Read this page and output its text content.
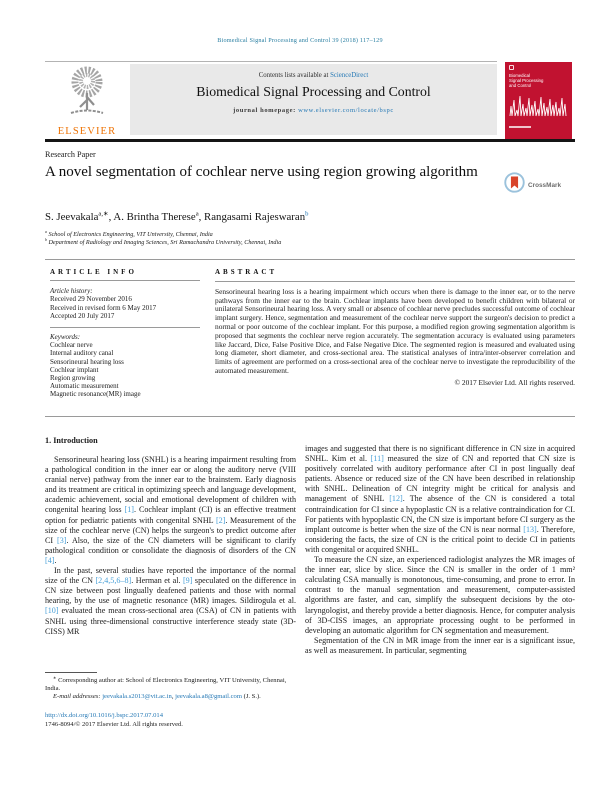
Biomedical Signal Processing and Control 39 (2018) 117–129
ELSEVIER
Contents lists available at ScienceDirect
Biomedical Signal Processing and Control
journal homepage: www.elsevier.com/locate/bspc
Biomedical
Signal Processing
and Control
Research Paper
A novel segmentation of cochlear nerve using region growing algorithm
CrossMark
S. Jeevakala$^{a,∗}$, A. Brintha Therese$^a$, Rangasami Rajeswaran$^b$
$^a$ School of Electronics Engineering, VIT University, Chennai, India
$^b$ Department of Radiology and Imaging Sciences, Sri Ramachandra University, Chennai, India
ARTICLE INFO
Article history:
Received 29 November 2016
Received in revised form 6 May 2017
Accepted 20 July 2017
Keywords:
Cochlear nerve
Internal auditory canal
Sensorineural hearing loss
Cochlear implant
Region growing
Automatic measurement
Magnetic resonance(MR) image
ABSTRACT
Sensorineural hearing loss is a hearing impairment which occurs when there is damage to the inner ear, or to the nerve pathways from the inner ear to the brain. Cochlear implants have been developed to benefit children with bilateral or unilateral Sensorineural hearing loss. A very small or absence of cochlear nerve precludes successful outcome of cochlear implant surgery. Hence, segmentation and measurement of the cochlear nerve support the surgeon's decision to predict a normal or poor outcome of the cochlear implant. For this purpose, a modified region growing segmentation algorithm is proposed that segments the cochlear nerve region accurately. The segmentation accuracy is evaluated using parameters like Jaccard, Dice, False Positive Dice, and False Negative Dice. The segmented region is measured and evaluated using long diameter, short diameter, and cross-sectional area. The statistical analyses of intra/inter-observer correlation and limits of agreement are performed on a cross-sectional area of the cochlear nerve to investigate the reproducibility of the automated measurement.
© 2017 Elsevier Ltd. All rights reserved.
1. Introduction

Sensorineural hearing loss (SNHL) is a hearing impairment resulting from a pathological condition in the inner ear or along the auditory nerve (VIII cranial nerve) pathway from the inner ear to the brainstem. Early diagnosis and its treatment are critical in optimizing speech and language development, academic achievement, social and emotional development of children with congenital hearing loss [1]. Cochlear implant (CI) is an effective treatment option for pediatric patients with congenital SNHL [2]. Measurement of the size of the cochlear nerve (CN) helps the surgeon's to predict outcome after CI [3]. Also, the size of the CN diameters will be significant to clarify pathological condition or consolidate the diagnosis of disorders of the CN [4].

In the past, several studies have reported the importance of the normal size of the CN [2,4,5,6–8]. Herman et al. [9] speculated on the difference in CN size between post lingually deafened patients and those with normal hearing, by the use of magnetic resonance (MR) images. Sildirogula et al. [10] evaluated the mean cross-sectional area (CSA) of CN in patients with SNHL using three-dimensional constructive interference steady state (3D- CISS) MR

images and suggested that there is no significant difference in CN size in acquired SNHL. Kim et al. [11] measured the size of CN and reported that CN size is positively correlated with auditory performance after CI in post lingually deaf patients. Absence or reduced size of the CN have been described in relationship with SNHL. Delineation of CN integrity might be critical for analysis and management of SNHL [12]. The absence of the CN is considered a total contraindication for CI since a hypoplastic CN is a relative contraindication for CI. For patients with hypoplastic CN, the CN size is important before CI surgery as the implant outcome is better when the size of the CN is near normal [13]. Therefore, considering the facts, the size of CN is the critical point to decide CI in patients with congenital or acquired SNHL.

To measure the CN size, an experienced radiologist analyzes the MR images of the inner ear, slice by slice. Since the CN is smaller in the order of 1 mm² calculating CSA manually is monotonous, time-consuming, and prone to error. In contrast to the manual segmentation and measurement, computer-assisted algorithms are faster, and can, simplify the subsequent decisions by the oto-laryngologist, and thereby provide a better diagnosis. Hence, for computer analysis of 3D-CISS images, an appropriate processing ought to be performed in developing an automatic algorithm for CN segmentation and measurement.

Segmentation of the CN in MR image from the inner ear is a significant issue, as well as measurement. In particular, segmenting

∗ Corresponding author at: School of Electronics Engineering, VIT University, Chennai, India.
E-mail addresses: jeevakala.s2013@vit.ac.in, jeevakala.a8@gmail.com (J. S.).
http://dx.doi.org/10.1016/j.bspc.2017.07.014
1746-8094/© 2017 Elsevier Ltd. All rights reserved.
